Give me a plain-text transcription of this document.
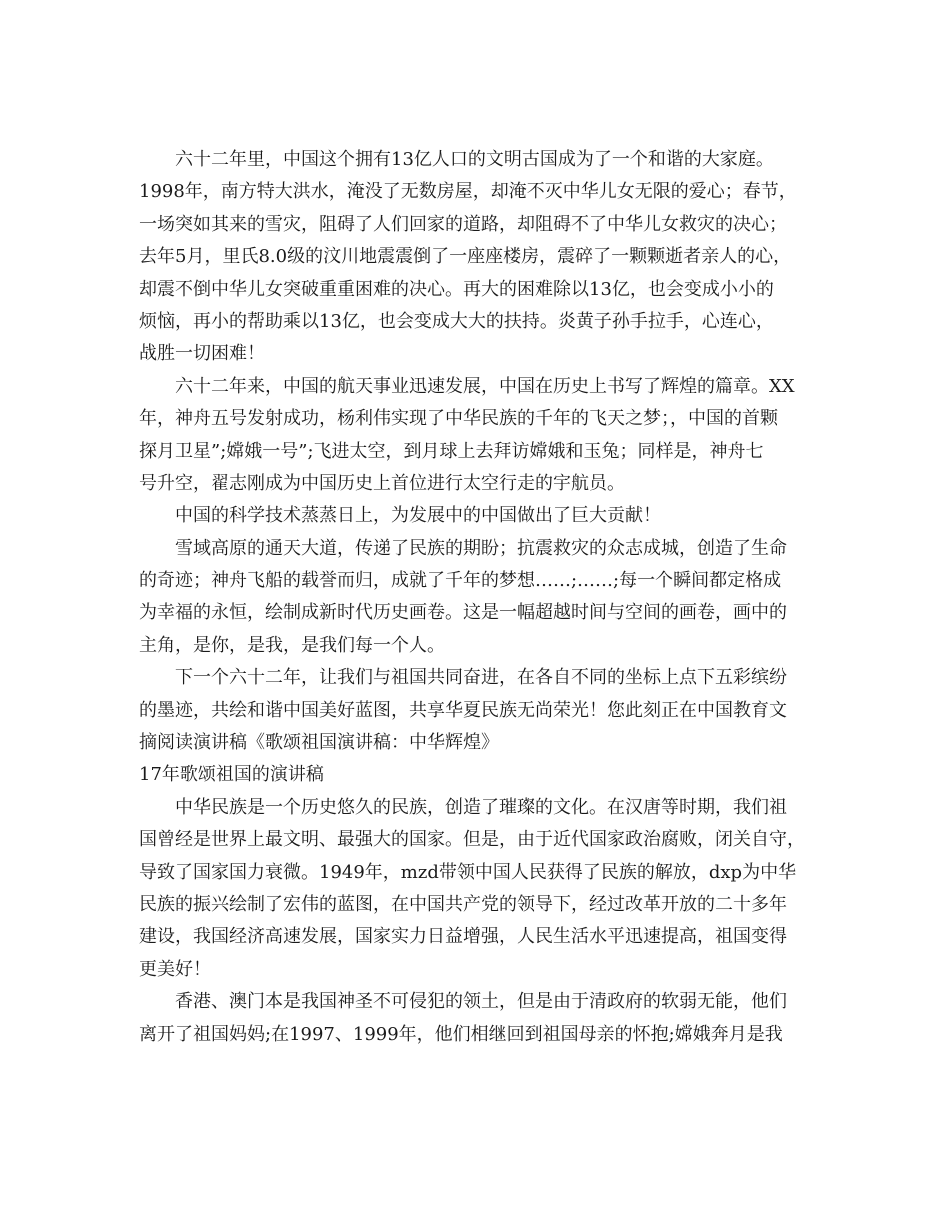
六十二年里，中国这个拥有13亿人口的文明古国成为了一个和谐的大家庭。
1998年，南方特大洪水，淹没了无数房屋，却淹不灭中华儿女无限的爱心；春节，
一场突如其来的雪灾，阻碍了人们回家的道路，却阻碍不了中华儿女救灾的决心；
去年5月，里氏8.0级的汶川地震震倒了一座座楼房，震碎了一颗颗逝者亲人的心，
却震不倒中华儿女突破重重困难的决心。再大的困难除以13亿，也会变成小小的
烦恼，再小的帮助乘以13亿，也会变成大大的扶持。炎黄子孙手拉手，心连心，
战胜一切困难！
六十二年来，中国的航天事业迅速发展，中国在历史上书写了辉煌的篇章。XX
年，神舟五号发射成功，杨利伟实现了中华民族的千年的飞天之梦；，中国的首颗
探月卫星”;嫦娥一号”;飞进太空，到月球上去拜访嫦娥和玉兔；同样是，神舟七
号升空，翟志刚成为中国历史上首位进行太空行走的宇航员。
中国的科学技术蒸蒸日上，为发展中的中国做出了巨大贡献！
雪域高原的通天大道，传递了民族的期盼；抗震救灾的众志成城，创造了生命
的奇迹；神舟飞船的载誉而归，成就了千年的梦想……;……;每一个瞬间都定格成
为幸福的永恒，绘制成新时代历史画卷。这是一幅超越时间与空间的画卷，画中的
主角，是你，是我，是我们每一个人。
下一个六十二年，让我们与祖国共同奋进，在各自不同的坐标上点下五彩缤纷
的墨迹，共绘和谐中国美好蓝图，共享华夏民族无尚荣光！您此刻正在中国教育文
摘阅读演讲稿《歌颂祖国演讲稿：中华辉煌》
17年歌颂祖国的演讲稿
中华民族是一个历史悠久的民族，创造了璀璨的文化。在汉唐等时期，我们祖
国曾经是世界上最文明、最强大的国家。但是，由于近代国家政治腐败，闭关自守，
导致了国家国力衰微。1949年，mzd带领中国人民获得了民族的解放，dxp为中华
民族的振兴绘制了宏伟的蓝图，在中国共产党的领导下，经过改革开放的二十多年
建设，我国经济高速发展，国家实力日益增强，人民生活水平迅速提高，祖国变得
更美好！
香港、澳门本是我国神圣不可侵犯的领土，但是由于清政府的软弱无能，他们
离开了祖国妈妈;在1997、1999年，他们相继回到祖国母亲的怀抱;嫦娥奔月是我
